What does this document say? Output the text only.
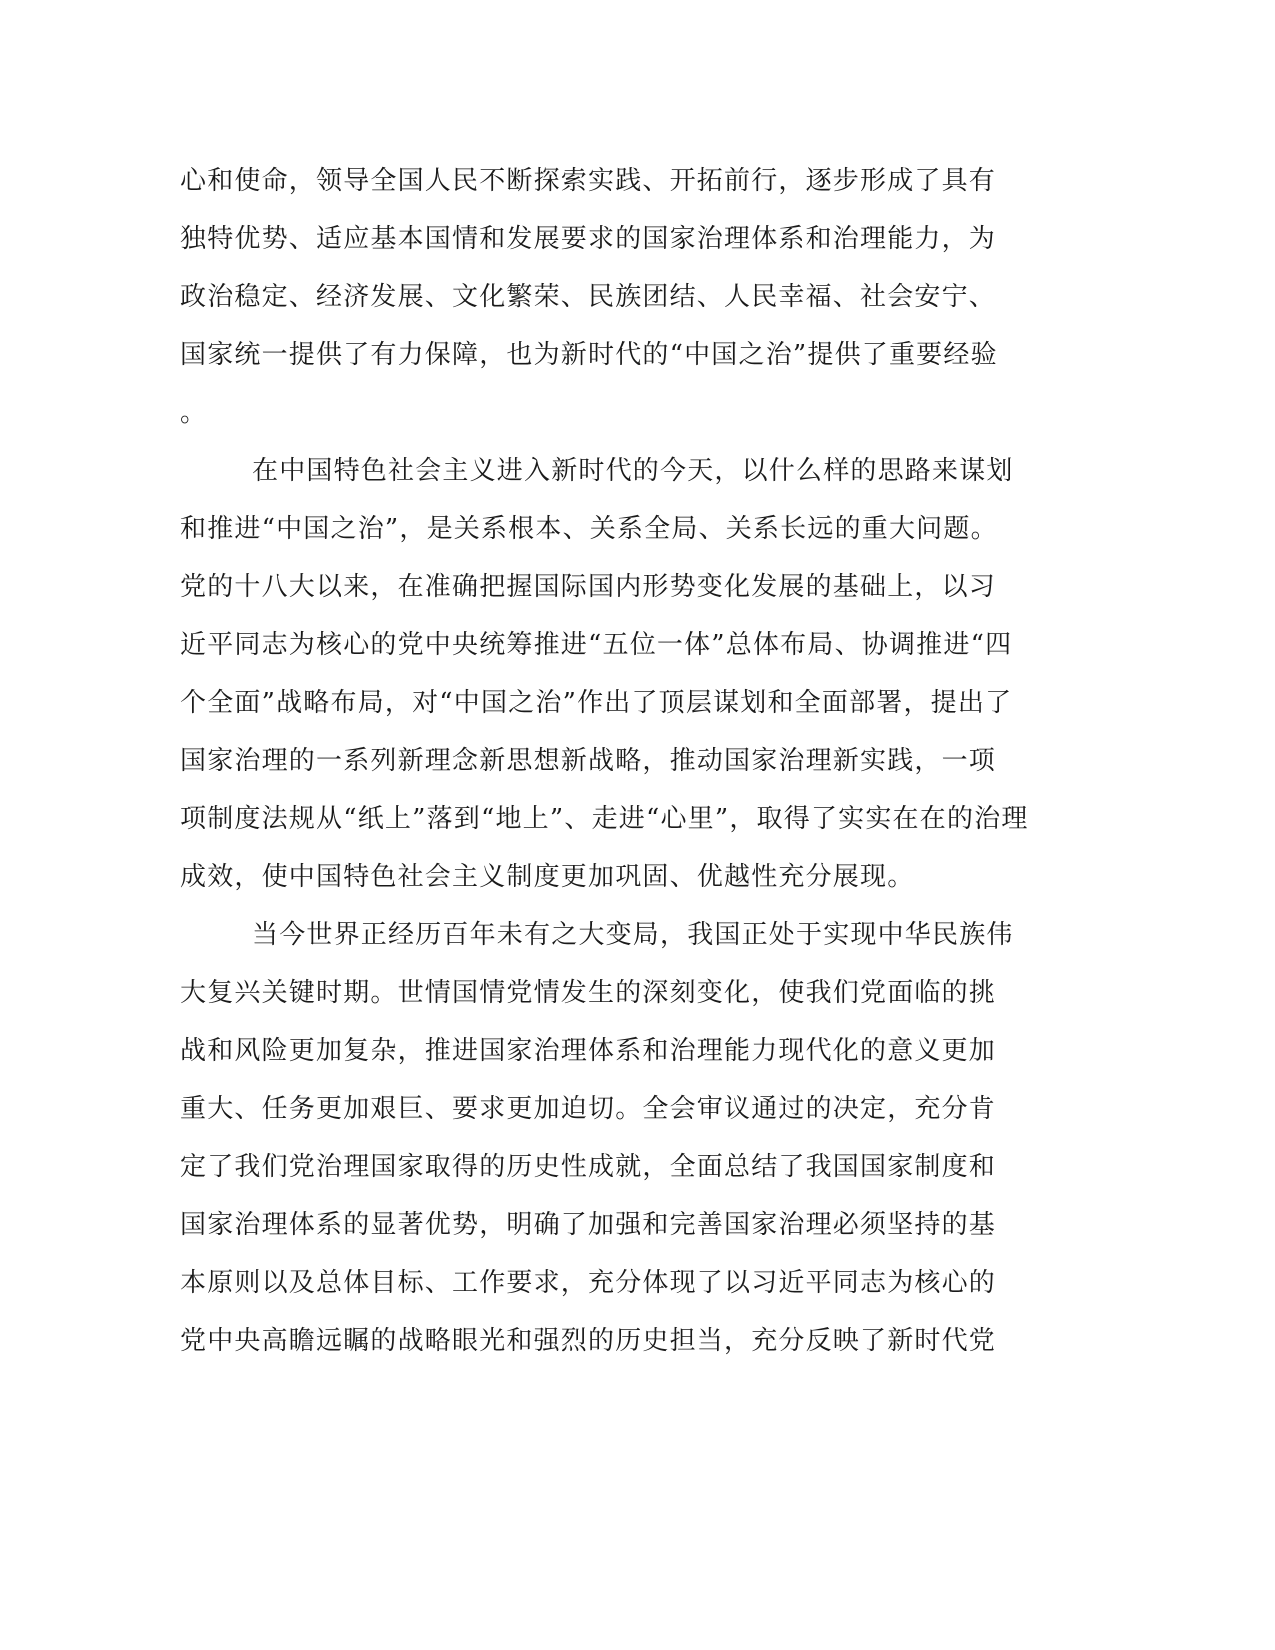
心和使命，领导全国人民不断探索实践、开拓前行，逐步形成了具有
独特优势、适应基本国情和发展要求的国家治理体系和治理能力，为
政治稳定、经济发展、文化繁荣、民族团结、人民幸福、社会安宁、
国家统一提供了有力保障，也为新时代的“中国之治”提供了重要经验
。
在中国特色社会主义进入新时代的今天，以什么样的思路来谋划
和推进“中国之治”，是关系根本、关系全局、关系长远的重大问题。
党的十八大以来，在准确把握国际国内形势变化发展的基础上，以习
近平同志为核心的党中央统筹推进“五位一体”总体布局、协调推进“四
个全面”战略布局，对“中国之治”作出了顶层谋划和全面部署，提出了
国家治理的一系列新理念新思想新战略，推动国家治理新实践，一项
项制度法规从“纸上”落到“地上”、走进“心里”，取得了实实在在的治理
成效，使中国特色社会主义制度更加巩固、优越性充分展现。
当今世界正经历百年未有之大变局，我国正处于实现中华民族伟
大复兴关键时期。世情国情党情发生的深刻变化，使我们党面临的挑
战和风险更加复杂，推进国家治理体系和治理能力现代化的意义更加
重大、任务更加艰巨、要求更加迫切。全会审议通过的决定，充分肯
定了我们党治理国家取得的历史性成就，全面总结了我国国家制度和
国家治理体系的显著优势，明确了加强和完善国家治理必须坚持的基
本原则以及总体目标、工作要求，充分体现了以习近平同志为核心的
党中央高瞻远瞩的战略眼光和强烈的历史担当，充分反映了新时代党
